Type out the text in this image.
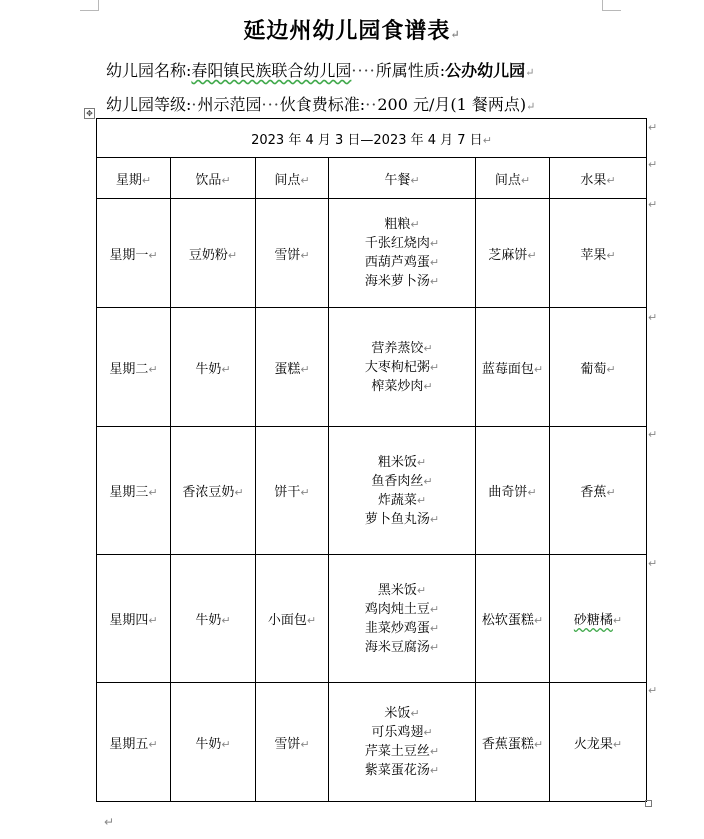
延边州幼儿园食谱表↵
幼儿园名称:春阳镇民族联合幼儿园····所属性质:公办幼儿园↵
幼儿园等级:·州示范园···伙食费标准:··200 元/月(1 餐两点)↵
✥
2023 年 4 月 3 日—2023 年 4 月 7 日↵					
星期↵	饮品↵	间点↵	午餐↵	间点↵	水果↵
星期一↵	豆奶粉↵	雪饼↵	粗粮↵
千张红烧肉↵
西葫芦鸡蛋↵
海米萝卜汤↵	芝麻饼↵	苹果↵
星期二↵	牛奶↵	蛋糕↵	营养蒸饺↵
大枣枸杞粥↵
榨菜炒肉↵	蓝莓面包↵	葡萄↵
星期三↵	香浓豆奶↵	饼干↵	粗米饭↵
鱼香肉丝↵
炸蔬菜↵
萝卜鱼丸汤↵	曲奇饼↵	香蕉↵
星期四↵	牛奶↵	小面包↵	黑米饭↵
鸡肉炖土豆↵
韭菜炒鸡蛋↵
海米豆腐汤↵	松软蛋糕↵	砂糖橘↵
星期五↵	牛奶↵	雪饼↵	米饭↵
可乐鸡翅↵
芹菜土豆丝↵
紫菜蛋花汤↵	香蕉蛋糕↵	火龙果↵
↵
↵
↵
↵
↵
↵
↵
↵
